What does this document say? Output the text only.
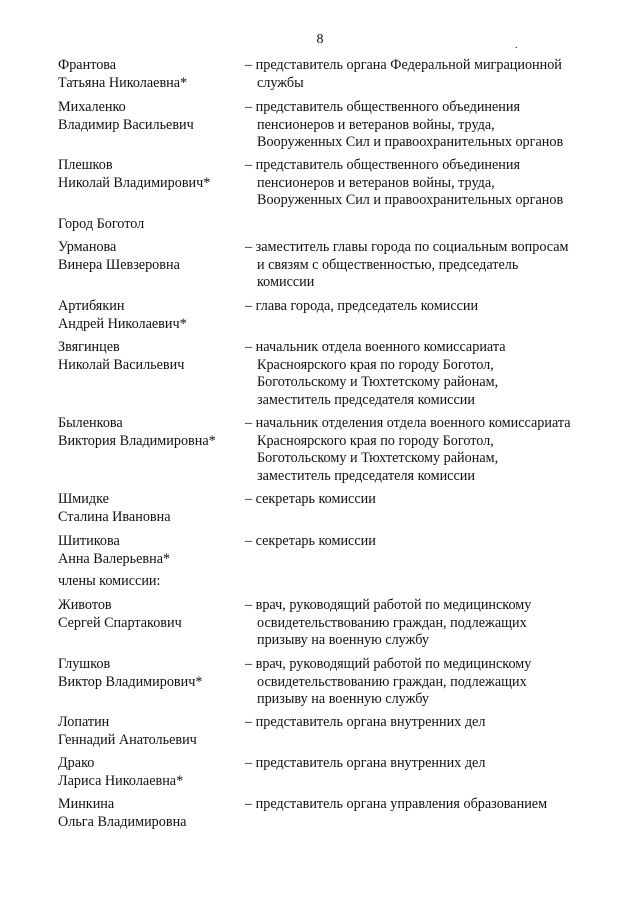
8	.
Франтова
Татьяна Николаевна*
– представитель органа Федеральной миграционной
службы
Михаленко
Владимир Васильевич
– представитель общественного объединения
пенсионеров и ветеранов войны, труда,
Вооруженных Сил и правоохранительных органов
Плешков
Николай Владимирович*
– представитель общественного объединения
пенсионеров и ветеранов войны, труда,
Вооруженных Сил и правоохранительных органов
Город Боготол
Урманова
Винера Шевзеровна
– заместитель главы города по социальным вопросам
и связям с общественностью, председатель
комиссии
Артибякин
Андрей Николаевич*
– глава города, председатель комиссии
Звягинцев
Николай Васильевич
– начальник отдела военного комиссариата
Красноярского края по городу Боготол,
Боготольскому и Тюхтетскому районам,
заместитель председателя комиссии
Быленкова
Виктория Владимировна*
– начальник отделения отдела военного комиссариата
Красноярского края по городу Боготол,
Боготольскому и Тюхтетскому районам,
заместитель председателя комиссии
Шмидке
Сталина Ивановна
– секретарь комиссии
Шитикова
Анна Валерьевна*
– секретарь комиссии
члены комиссии:
Животов
Сергей Спартакович
– врач, руководящий работой по медицинскому
освидетельствованию граждан, подлежащих
призыву на военную службу
Глушков
Виктор Владимирович*
– врач, руководящий работой по медицинскому
освидетельствованию граждан, подлежащих
призыву на военную службу
Лопатин
Геннадий Анатольевич
– представитель органа внутренних дел
Драко
Лариса Николаевна*
– представитель органа внутренних дел
Минкина
Ольга Владимировна
– представитель органа управления образованием
